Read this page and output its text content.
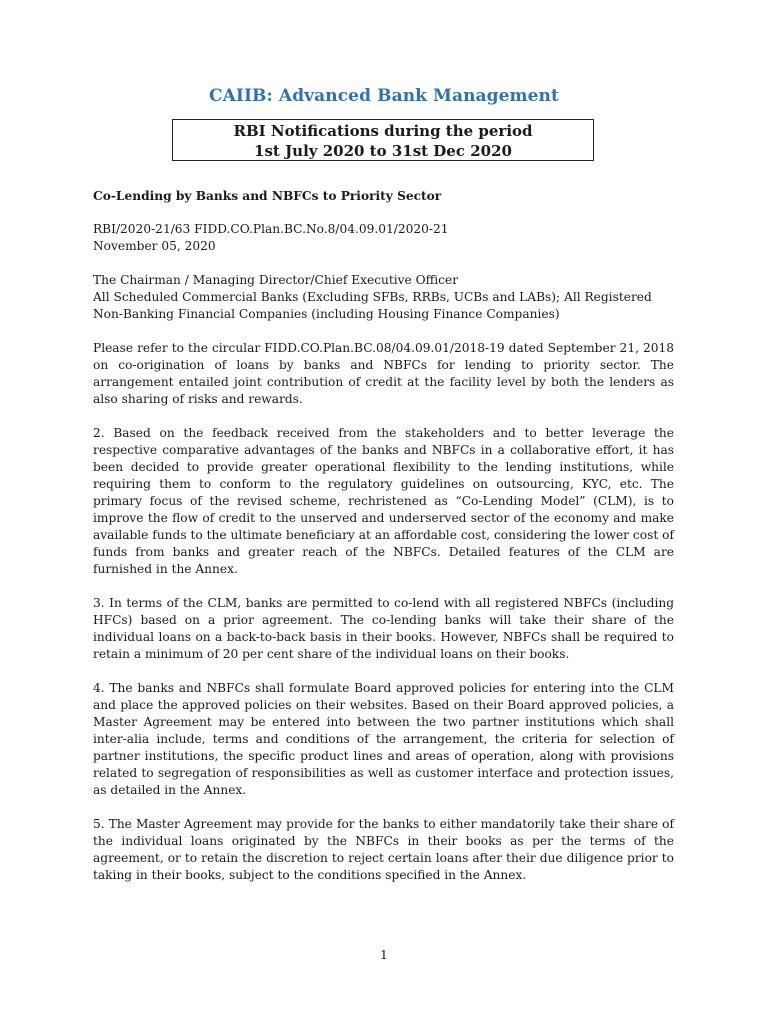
CAIIB: Advanced Bank Management
RBI Notifications during the period
1st July 2020 to 31st Dec 2020
Co-Lending by Banks and NBFCs to Priority Sector
RBI/2020-21/63 FIDD.CO.Plan.BC.No.8/04.09.01/2020-21
November 05, 2020
The Chairman / Managing Director/Chief Executive Officer
All Scheduled Commercial Banks (Excluding SFBs, RRBs, UCBs and LABs); All Registered
Non-Banking Financial Companies (including Housing Finance Companies)

Please refer to the circular FIDD.CO.Plan.BC.08/04.09.01/2018-19 dated September 21, 2018 on co-origination of loans by banks and NBFCs for lending to priority sector. The arrangement entailed joint contribution of credit at the facility level by both the lenders as also sharing of risks and rewards.

2. Based on the feedback received from the stakeholders and to better leverage the respective comparative advantages of the banks and NBFCs in a collaborative effort, it has been decided to provide greater operational flexibility to the lending institutions, while requiring them to conform to the regulatory guidelines on outsourcing, KYC, etc. The primary focus of the revised scheme, rechristened as “Co-Lending Model” (CLM), is to improve the flow of credit to the unserved and underserved sector of the economy and make available funds to the ultimate beneficiary at an affordable cost, considering the lower cost of funds from banks and greater reach of the NBFCs. Detailed features of the CLM are furnished in the Annex.

3. In terms of the CLM, banks are permitted to co-lend with all registered NBFCs (including HFCs) based on a prior agreement. The co-lending banks will take their share of the individual loans on a back-to-back basis in their books. However, NBFCs shall be required to retain a minimum of 20 per cent share of the individual loans on their books.

4. The banks and NBFCs shall formulate Board approved policies for entering into the CLM and place the approved policies on their websites. Based on their Board approved policies, a Master Agreement may be entered into between the two partner institutions which shall inter-alia include, terms and conditions of the arrangement, the criteria for selection of partner institutions, the specific product lines and areas of operation, along with provisions related to segregation of responsibilities as well as customer interface and protection issues, as detailed in the Annex.

5. The Master Agreement may provide for the banks to either mandatorily take their share of the individual loans originated by the NBFCs in their books as per the terms of the agreement, or to retain the discretion to reject certain loans after their due diligence prior to taking in their books, subject to the conditions specified in the Annex.

1
